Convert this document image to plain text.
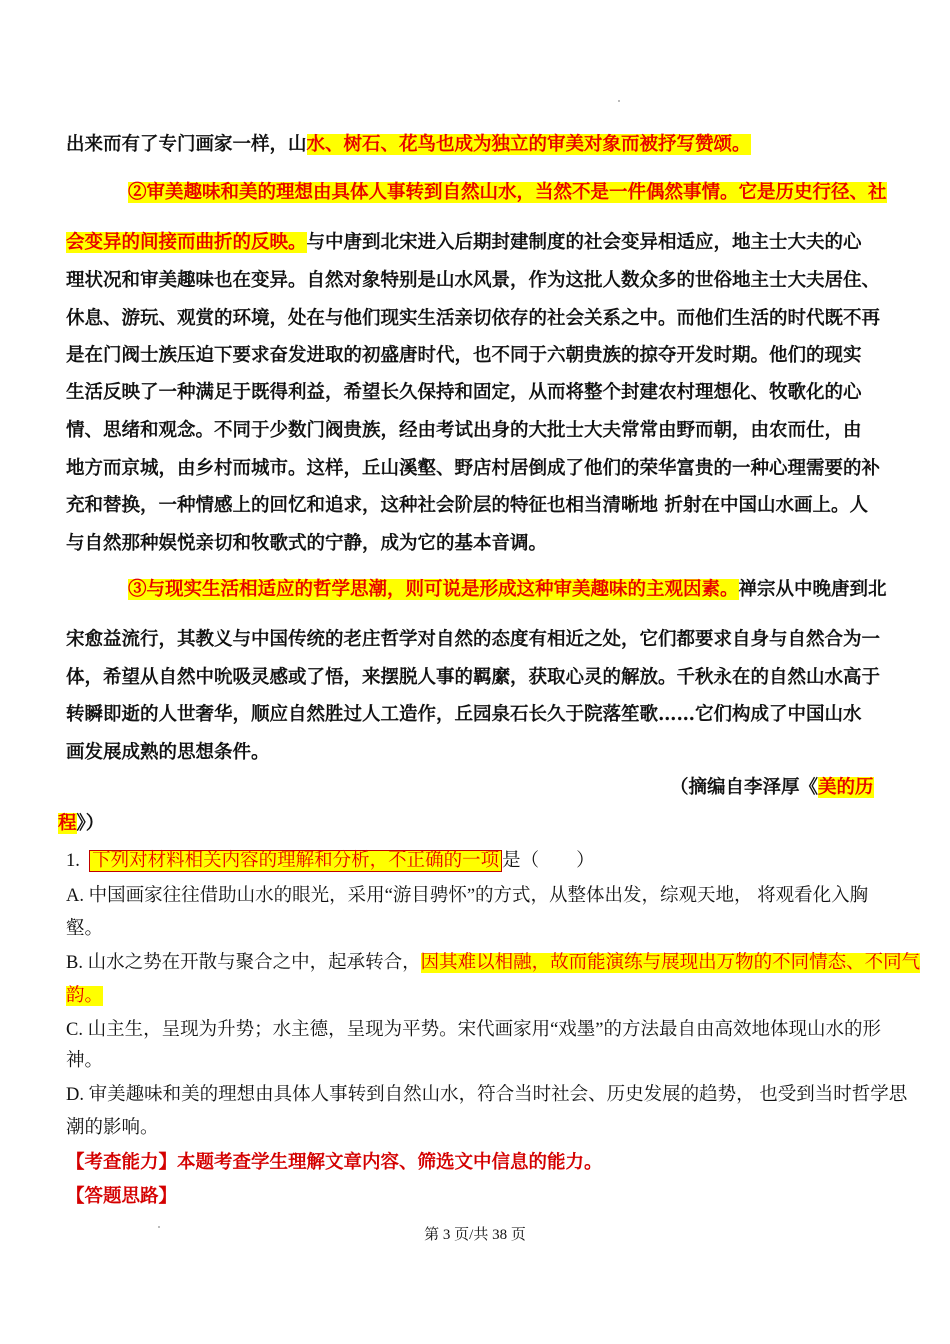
出来而有了专门画家一样，山水、树石、花鸟也成为独立的审美对象而被抒写赞颂。
②审美趣味和美的理想由具体人事转到自然山水，当然不是一件偶然事情。它是历史行径、社
会变异的间接而曲折的反映。与中唐到北宋进入后期封建制度的社会变异相适应，地主士大夫的心
理状况和审美趣味也在变异。自然对象特别是山水风景，作为这批人数众多的世俗地主士大夫居住、
休息、游玩、观赏的环境，处在与他们现实生活亲切依存的社会关系之中。而他们生活的时代既不再
是在门阀士族压迫下要求奋发进取的初盛唐时代，也不同于六朝贵族的掠夺开发时期。他们的现实
生活反映了一种满足于既得利益，希望长久保持和固定，从而将整个封建农村理想化、牧歌化的心
情、思绪和观念。不同于少数门阀贵族，经由考试出身的大批士大夫常常由野而朝，由农而仕，由
地方而京城，由乡村而城市。这样，丘山溪壑、野店村居倒成了他们的荣华富贵的一种心理需要的补
充和替换，一种情感上的回忆和追求，这种社会阶层的特征也相当清晰地 折射在中国山水画上。人
与自然那种娱悦亲切和牧歌式的宁静，成为它的基本音调。
③与现实生活相适应的哲学思潮，则可说是形成这种审美趣味的主观因素。禅宗从中晚唐到北
宋愈益流行，其教义与中国传统的老庄哲学对自然的态度有相近之处，它们都要求自身与自然合为一
体，希望从自然中吮吸灵感或了悟，来摆脱人事的羁縻，获取心灵的解放。千秋永在的自然山水高于
转瞬即逝的人世奢华，顺应自然胜过人工造作，丘园泉石长久于院落笙歌……它们构成了中国山水
画发展成熟的思想条件。
（摘编自李泽厚《美的历
程》）
1. 下列对材料相关内容的理解和分析，不正确的一项 是（　　）
A. 中国画家往往借助山水的眼光，采用“游目骋怀”的方式，从整体出发，综观天地， 将观看化入胸
壑。
B. 山水之势在开散与聚合之中，起承转合，因其难以相融，故而能演练与展现出万物的不同情态、不同气
韵。
C. 山主生，呈现为升势；水主德，呈现为平势。宋代画家用“戏墨”的方法最自由高效地体现山水的形
神。
D. 审美趣味和美的理想由具体人事转到自然山水，符合当时社会、历史发展的趋势， 也受到当时哲学思
潮的影响。
【考查能力】本题考查学生理解文章内容、筛选文中信息的能力。
【答题思路】
第 3 页/共 38 页
